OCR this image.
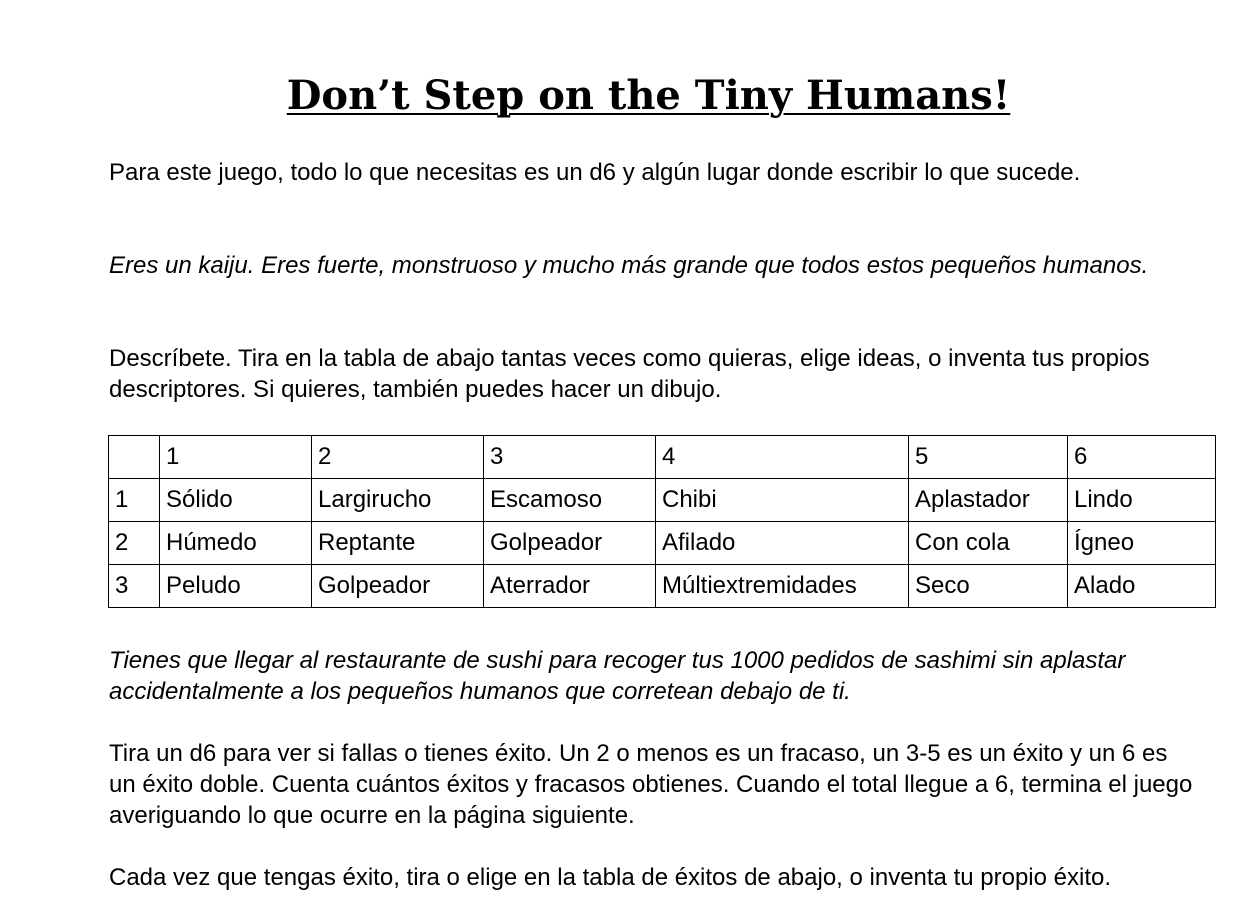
Don’t Step on the Tiny Humans!

Para este juego, todo lo que necesitas es un d6 y algún lugar donde escribir lo que sucede.

Eres un kaiju. Eres fuerte, monstruoso y mucho más grande que todos estos pequeños humanos.

Descríbete. Tira en la tabla de abajo tantas veces como quieras, elige ideas, o inventa tus propios descriptores. Si quieres, también puedes hacer un dibujo.

	1	2	3	4	5	6
1	Sólido	Largirucho	Escamoso	Chibi	Aplastador	Lindo
2	Húmedo	Reptante	Golpeador	Afilado	Con cola	Ígneo
3	Peludo	Golpeador	Aterrador	Múltiextremidades	Seco	Alado

Tienes que llegar al restaurante de sushi para recoger tus 1000 pedidos de sashimi sin aplastar accidentalmente a los pequeños humanos que corretean debajo de ti.

Tira un d6 para ver si fallas o tienes éxito. Un 2 o menos es un fracaso, un 3-5 es un éxito y un 6 es un éxito doble. Cuenta cuántos éxitos y fracasos obtienes. Cuando el total llegue a 6, termina el juego averiguando lo que ocurre en la página siguiente.

Cada vez que tengas éxito, tira o elige en la tabla de éxitos de abajo, o inventa tu propio éxito.
